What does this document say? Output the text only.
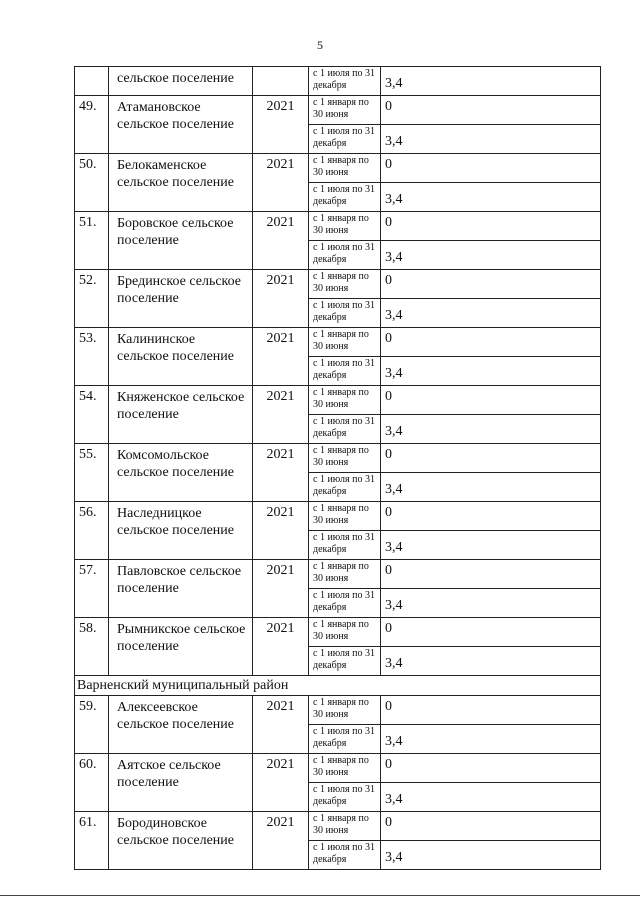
5
	сельское поселение		с 1 июля по 31 декабря	3,4
49.	Атамановское сельское поселение	2021	с 1 января по 30 июня	0
			с 1 июля по 31 декабря	3,4
50.	Белокаменское сельское поселение	2021	с 1 января по 30 июня	0
			с 1 июля по 31 декабря	3,4
51.	Боровское сельское поселение	2021	с 1 января по 30 июня	0
			с 1 июля по 31 декабря	3,4
52.	Брединское сельское поселение	2021	с 1 января по 30 июня	0
			с 1 июля по 31 декабря	3,4
53.	Калининское сельское поселение	2021	с 1 января по 30 июня	0
			с 1 июля по 31 декабря	3,4
54.	Княженское сельское поселение	2021	с 1 января по 30 июня	0
			с 1 июля по 31 декабря	3,4
55.	Комсомольское сельское поселение	2021	с 1 января по 30 июня	0
			с 1 июля по 31 декабря	3,4
56.	Наследницкое сельское поселение	2021	с 1 января по 30 июня	0
			с 1 июля по 31 декабря	3,4
57.	Павловское сельское поселение	2021	с 1 января по 30 июня	0
			с 1 июля по 31 декабря	3,4
58.	Рымникское сельское поселение	2021	с 1 января по 30 июня	0
			с 1 июля по 31 декабря	3,4
Варненский муниципальный район				
59.	Алексеевское сельское поселение	2021	с 1 января по 30 июня	0
			с 1 июля по 31 декабря	3,4
60.	Аятское сельское поселение	2021	с 1 января по 30 июня	0
			с 1 июля по 31 декабря	3,4
61.	Бородиновское сельское поселение	2021	с 1 января по 30 июня	0
			с 1 июля по 31 декабря	3,4
